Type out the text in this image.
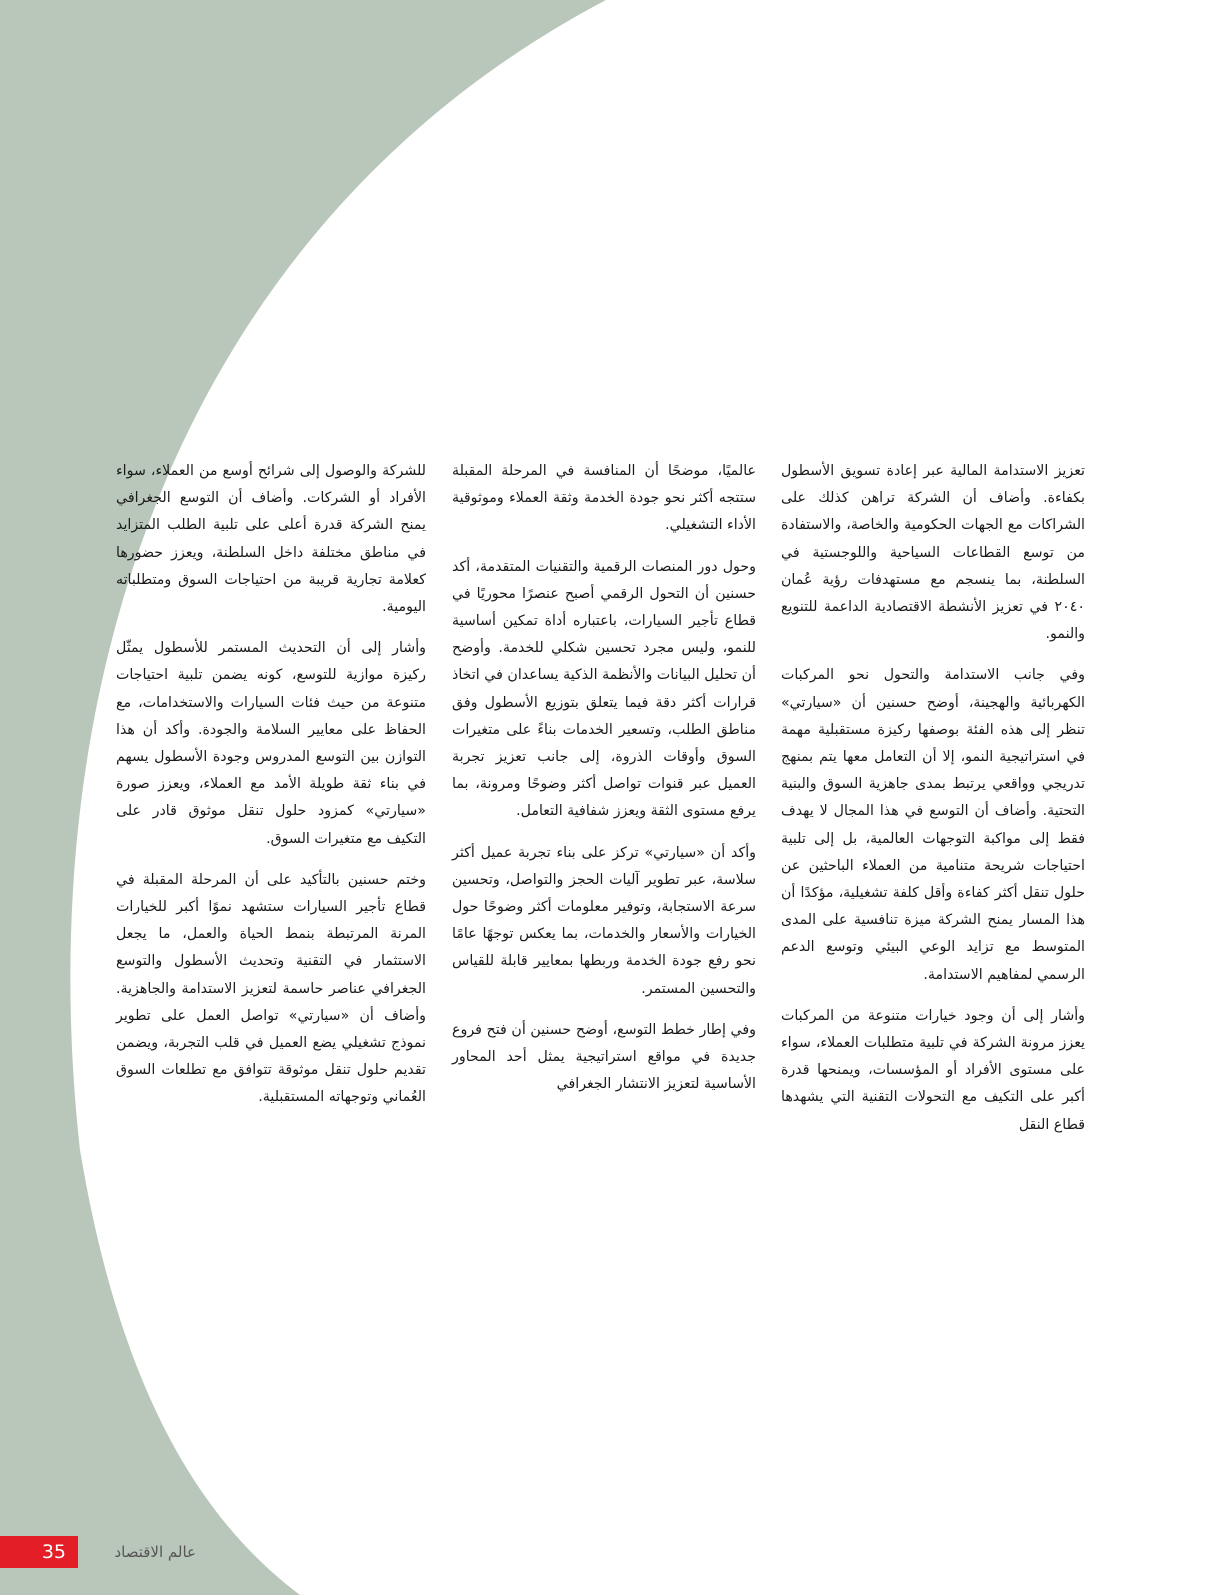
تعزيز الاستدامة المالية عبر إعادة تسويق الأسطول بكفاءة. وأضاف أن الشركة تراهن كذلك على الشراكات مع الجهات الحكومية والخاصة، والاستفادة من توسع القطاعات السياحية واللوجستية في السلطنة، بما ينسجم مع مستهدفات رؤية عُمان ٢٠٤٠ في تعزيز الأنشطة الاقتصادية الداعمة للتنويع والنمو.

وفي جانب الاستدامة والتحول نحو المركبات الكهربائية والهجينة، أوضح حسنين أن «سيارتي» تنظر إلى هذه الفئة بوصفها ركيزة مستقبلية مهمة في استراتيجية النمو، إلا أن التعامل معها يتم بمنهج تدريجي وواقعي يرتبط بمدى جاهزية السوق والبنية التحتية. وأضاف أن التوسع في هذا المجال لا يهدف فقط إلى مواكبة التوجهات العالمية، بل إلى تلبية احتياجات شريحة متنامية من العملاء الباحثين عن حلول تنقل أكثر كفاءة وأقل كلفة تشغيلية، مؤكدًا أن هذا المسار يمنح الشركة ميزة تنافسية على المدى المتوسط مع تزايد الوعي البيئي وتوسع الدعم الرسمي لمفاهيم الاستدامة.

وأشار إلى أن وجود خيارات متنوعة من المركبات يعزز مرونة الشركة في تلبية متطلبات العملاء، سواء على مستوى الأفراد أو المؤسسات، ويمنحها قدرة أكبر على التكيف مع التحولات التقنية التي يشهدها قطاع النقل

عالميًا، موضحًا أن المنافسة في المرحلة المقبلة ستتجه أكثر نحو جودة الخدمة وثقة العملاء وموثوقية الأداء التشغيلي.

وحول دور المنصات الرقمية والتقنيات المتقدمة، أكد حسنين أن التحول الرقمي أصبح عنصرًا محوريًا في قطاع تأجير السيارات، باعتباره أداة تمكين أساسية للنمو، وليس مجرد تحسين شكلي للخدمة. وأوضح أن تحليل البيانات والأنظمة الذكية يساعدان في اتخاذ قرارات أكثر دقة فيما يتعلق بتوزيع الأسطول وفق مناطق الطلب، وتسعير الخدمات بناءً على متغيرات السوق وأوقات الذروة، إلى جانب تعزيز تجربة العميل عبر قنوات تواصل أكثر وضوحًا ومرونة، بما يرفع مستوى الثقة ويعزز شفافية التعامل.

وأكد أن «سيارتي» تركز على بناء تجربة عميل أكثر سلاسة، عبر تطوير آليات الحجز والتواصل، وتحسين سرعة الاستجابة، وتوفير معلومات أكثر وضوحًا حول الخيارات والأسعار والخدمات، بما يعكس توجهًا عامًا نحو رفع جودة الخدمة وربطها بمعايير قابلة للقياس والتحسين المستمر.

وفي إطار خطط التوسع، أوضح حسنين أن فتح فروع جديدة في مواقع استراتيجية يمثل أحد المحاور الأساسية لتعزيز الانتشار الجغرافي

للشركة والوصول إلى شرائح أوسع من العملاء، سواء الأفراد أو الشركات. وأضاف أن التوسع الجغرافي يمنح الشركة قدرة أعلى على تلبية الطلب المتزايد في مناطق مختلفة داخل السلطنة، ويعزز حضورها كعلامة تجارية قريبة من احتياجات السوق ومتطلباته اليومية.

وأشار إلى أن التحديث المستمر للأسطول يمثّل ركيزة موازية للتوسع، كونه يضمن تلبية احتياجات متنوعة من حيث فئات السيارات والاستخدامات، مع الحفاظ على معايير السلامة والجودة. وأكد أن هذا التوازن بين التوسع المدروس وجودة الأسطول يسهم في بناء ثقة طويلة الأمد مع العملاء، ويعزز صورة «سيارتي» كمزود حلول تنقل موثوق قادر على التكيف مع متغيرات السوق.

وختم حسنين بالتأكيد على أن المرحلة المقبلة في قطاع تأجير السيارات ستشهد نموًا أكبر للخيارات المرنة المرتبطة بنمط الحياة والعمل، ما يجعل الاستثمار في التقنية وتحديث الأسطول والتوسع الجغرافي عناصر حاسمة لتعزيز الاستدامة والجاهزية. وأضاف أن «سيارتي» تواصل العمل على تطوير نموذج تشغيلي يضع العميل في قلب التجربة، ويضمن تقديم حلول تنقل موثوقة تتوافق مع تطلعات السوق العُماني وتوجهاته المستقبلية.

35	عالم الاقتصاد
